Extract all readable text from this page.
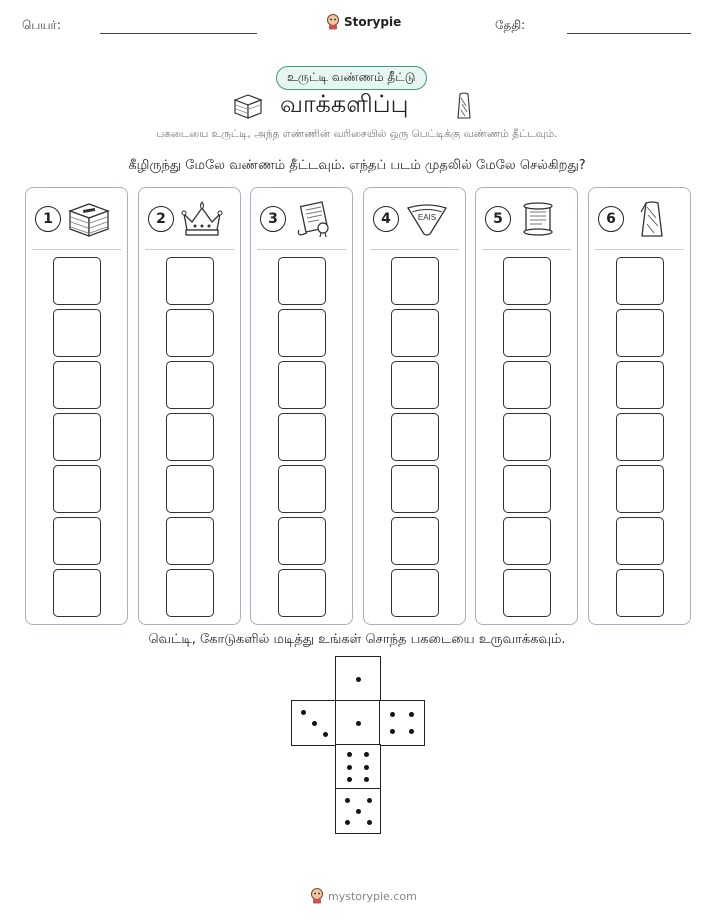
பெயர்:	Storypie	தேதி:
உருட்டி வண்ணம் தீட்டு
வாக்களிப்பு
பகடையை உருட்டி, அந்த எண்ணின் வரிசையில் ஒரு பெட்டிக்கு வண்ணம் தீட்டவும்.
கீழிருந்து மேலே வண்ணம் தீட்டவும். எந்தப் படம் முதலில் மேலே செல்கிறது?
1	2	3	4	EAIS	5	6
வெட்டி, கோடுகளில் மடித்து உங்கள் சொந்த பகடையை உருவாக்கவும்.
mystorypie.com
